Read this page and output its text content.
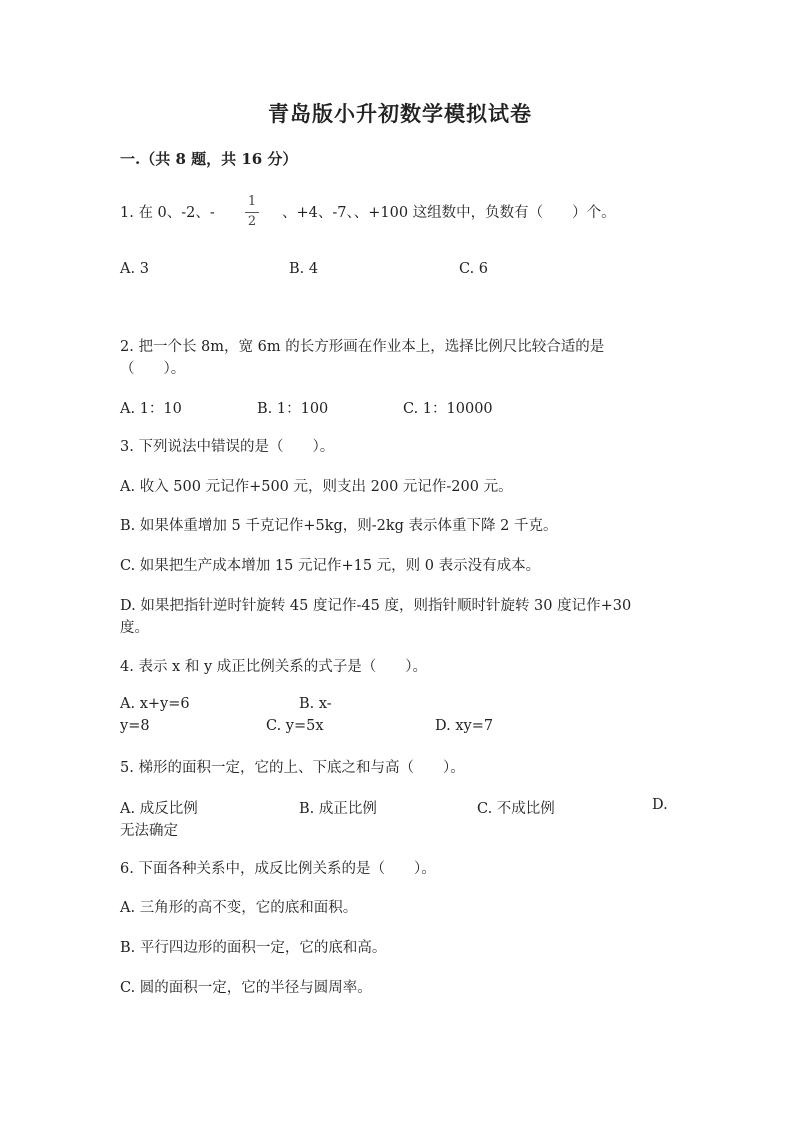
青岛版小升初数学模拟试卷
一.（共 8 题，共 16 分）
1. 在 0、-2、-
1
2
、+4、-7、、+100 这组数中，负数有（　　）个。
A. 3	B. 4	C. 6
2. 把一个长 8m，宽 6m 的长方形画在作业本上，选择比例尺比较合适的是
（　　）。
A. 1：10	B. 1：100	C. 1：10000
3. 下列说法中错误的是（　　）。
A. 收入 500 元记作+500 元，则支出 200 元记作-200 元。
B. 如果体重增加 5 千克记作+5kg，则-2kg 表示体重下降 2 千克。
C. 如果把生产成本增加 15 元记作+15 元，则 0 表示没有成本。
D. 如果把指针逆时针旋转 45 度记作-45 度，则指针顺时针旋转 30 度记作+30
度。
4. 表示 x 和 y 成正比例关系的式子是（　　）。
A. x+y=6	B. x-
y=8	C. y=5x	D. xy=7
5. 梯形的面积一定，它的上、下底之和与高（　　）。
A. 成反比例	B. 成正比例	C. 不成比例	D.
无法确定
6. 下面各种关系中，成反比例关系的是（　　）。
A. 三角形的高不变，它的底和面积。
B. 平行四边形的面积一定，它的底和高。
C. 圆的面积一定，它的半径与圆周率。
